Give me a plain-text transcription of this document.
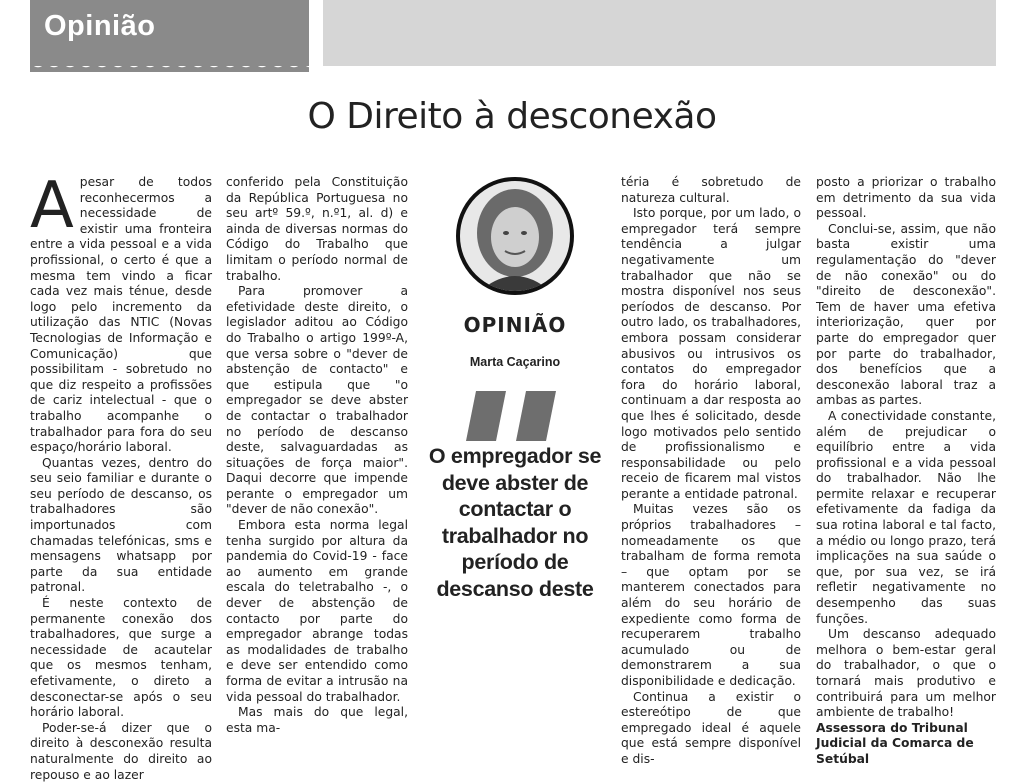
Opinião
O Direito à desconexão

Apesar de todos reconhecermos a necessidade de existir uma fronteira entre a vida pessoal e a vida profissional, o certo é que a mesma tem vindo a ficar cada vez mais ténue, desde logo pelo incremento da utilização das NTIC (Novas Tecnologias de Informação e Comunicação) que possibilitam - sobretudo no que diz respeito a profissões de cariz intelectual - que o trabalho acompanhe o trabalhador para fora do seu espaço/horário laboral.

Quantas vezes, dentro do seu seio familiar e durante o seu período de descanso, os trabalhadores são importunados com chamadas telefónicas, sms e mensagens whatsapp por parte da sua entidade patronal.

É neste contexto de permanente conexão dos trabalhadores, que surge a necessidade de acautelar que os mesmos tenham, efetivamente, o direto a desconectar-se após o seu horário laboral.

Poder-se-á dizer que o direito à desconexão resulta naturalmente do direito ao repouso e ao lazer

conferido pela Constituição da República Portuguesa no seu artº 59.º, n.º1, al. d) e ainda de diversas normas do Código do Trabalho que limitam o período normal de trabalho.

Para promover a efetividade deste direito, o legislador aditou ao Código do Trabalho o artigo 199º-A, que versa sobre o "dever de abstenção de contacto" e que estipula que "o empregador se deve abster de contactar o trabalhador no período de descanso deste, salvaguardadas as situações de força maior". Daqui decorre que impende perante o empregador um "dever de não conexão".

Embora esta norma legal tenha surgido por altura da pandemia do Covid-19 - face ao aumento em grande escala do teletrabalho -, o dever de abstenção de contacto por parte do empregador abrange todas as modalidades de trabalho e deve ser entendido como forma de evitar a intrusão na vida pessoal do trabalhador.

Mas mais do que legal, esta ma-

OPINIÃO
Marta Caçarino
O empregador se deve abster de contactar o trabalhador no período de descanso deste

téria é sobretudo de natureza cultural.

Isto porque, por um lado, o empregador terá sempre tendência a julgar negativamente um trabalhador que não se mostra disponível nos seus períodos de descanso. Por outro lado, os trabalhadores, embora possam considerar abusivos ou intrusivos os contatos do empregador fora do horário laboral, continuam a dar resposta ao que lhes é solicitado, desde logo motivados pelo sentido de profissionalismo e responsabilidade ou pelo receio de ficarem mal vistos perante a entidade patronal.

Muitas vezes são os próprios trabalhadores – nomeadamente os que trabalham de forma remota – que optam por se manterem conectados para além do seu horário de expediente como forma de recuperarem trabalho acumulado ou de demonstrarem a sua disponibilidade e dedicação.

Continua a existir o estereótipo de que empregado ideal é aquele que está sempre disponível e dis-

posto a priorizar o trabalho em detrimento da sua vida pessoal.

Conclui-se, assim, que não basta existir uma regulamentação do "dever de não conexão" ou do "direito de desconexão". Tem de haver uma efetiva interiorização, quer por parte do empregador quer por parte do trabalhador, dos benefícios que a desconexão laboral traz a ambas as partes.

A conectividade constante, além de prejudicar o equilíbrio entre a vida profissional e a vida pessoal do trabalhador. Não lhe permite relaxar e recuperar efetivamente da fadiga da sua rotina laboral e tal facto, a médio ou longo prazo, terá implicações na sua saúde o que, por sua vez, se irá refletir negativamente no desempenho das suas funções.

Um descanso adequado melhora o bem-estar geral do trabalhador, o que o tornará mais produtivo e contribuirá para um melhor ambiente de trabalho!

Assessora do Tribunal Judicial da Comarca de Setúbal
